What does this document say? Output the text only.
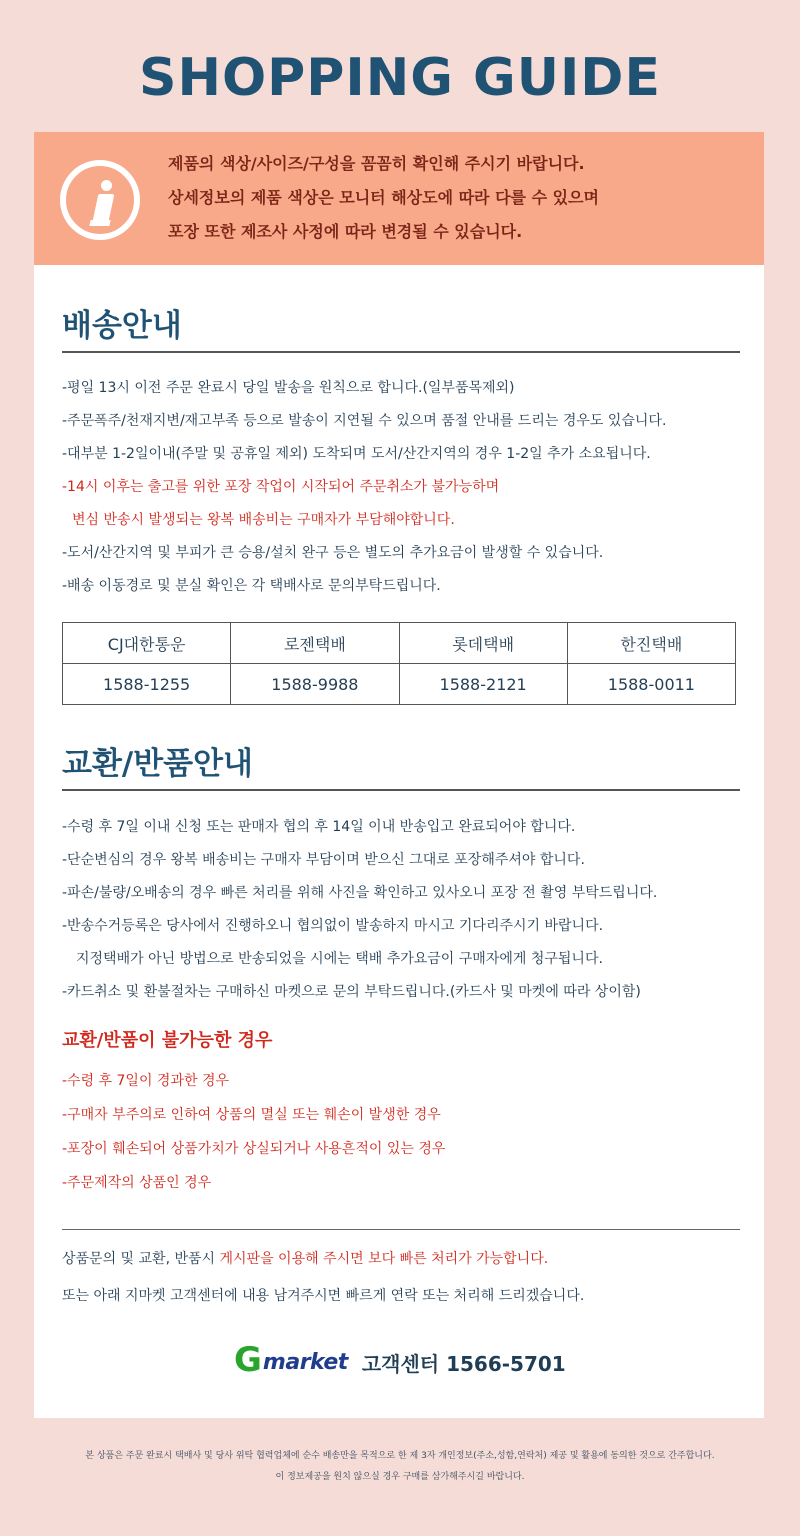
SHOPPING GUIDE
제품의 색상/사이즈/구성을 꼼꼼히 확인해 주시기 바랍니다.
상세정보의 제품 색상은 모니터 해상도에 따라 다를 수 있으며
포장 또한 제조사 사정에 따라 변경될 수 있습니다.
배송안내
-평일 13시 이전 주문 완료시 당일 발송을 원칙으로 합니다.(일부품목제외)
-주문폭주/천재지변/재고부족 등으로 발송이 지연될 수 있으며 품절 안내를 드리는 경우도 있습니다.
-대부분 1-2일이내(주말 및 공휴일 제외) 도착되며 도서/산간지역의 경우 1-2일 추가 소요됩니다.
-14시 이후는 출고를 위한 포장 작업이 시작되어 주문취소가 불가능하며
변심 반송시 발생되는 왕복 배송비는 구매자가 부담해야합니다.
-도서/산간지역 및 부피가 큰 승용/설치 완구 등은 별도의 추가요금이 발생할 수 있습니다.
-배송 이동경로 및 분실 확인은 각 택배사로 문의부탁드립니다.
CJ대한통운	로젠택배	롯데택배	한진택배
1588-1255	1588-9988	1588-2121	1588-0011
교환/반품안내
-수령 후 7일 이내 신청 또는 판매자 협의 후 14일 이내 반송입고 완료되어야 합니다.
-단순변심의 경우 왕복 배송비는 구매자 부담이며 받으신 그대로 포장해주셔야 합니다.
-파손/불량/오배송의 경우 빠른 처리를 위해 사진을 확인하고 있사오니 포장 전 촬영 부탁드립니다.
-반송수거등록은 당사에서 진행하오니 협의없이 발송하지 마시고 기다리주시기 바랍니다.
지정택배가 아닌 방법으로 반송되었을 시에는 택배 추가요금이 구매자에게 청구됩니다.
-카드취소 및 환불절차는 구매하신 마켓으로 문의 부탁드립니다.(카드사 및 마켓에 따라 상이함)
교환/반품이 불가능한 경우
-수령 후 7일이 경과한 경우
-구매자 부주의로 인하여 상품의 멸실 또는 훼손이 발생한 경우
-포장이 훼손되어 상품가치가 상실되거나 사용흔적이 있는 경우
-주문제작의 상품인 경우
상품문의 및 교환, 반품시 게시판을 이용해 주시면 보다 빠른 처리가 가능합니다.
또는 아래 지마켓 고객센터에 내용 남겨주시면 빠르게 연락 또는 처리해 드리겠습니다.
G market 고객센터 1566-5701
본 상품은 주문 완료시 택배사 및 당사 위탁 협력업체에 순수 배송만을 목적으로 한 제 3자 개인정보(주소,성함,연락처) 제공 및 활용에 동의한 것으로 간주합니다.
이 정보제공을 원치 않으실 경우 구매를 삼가해주시길 바랍니다.
